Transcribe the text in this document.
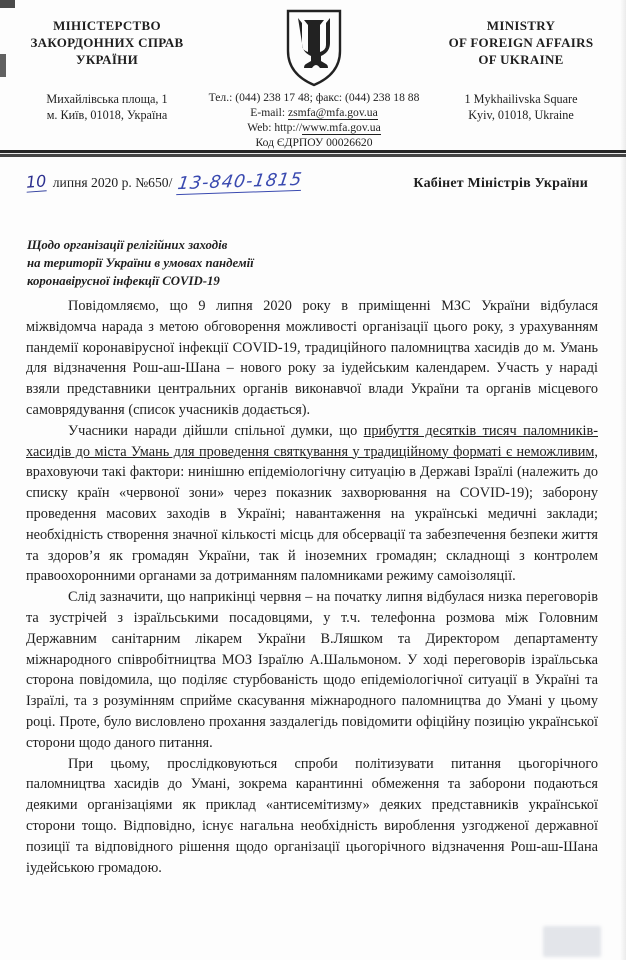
МІНІСТЕРСТВО
ЗАКОРДОННИХ СПРАВ
УКРАЇНИ
Михайлівська площа, 1
м. Київ, 01018, Україна
Тел.: (044) 238 17 48; факс: (044) 238 18 88
E-mail: zsmfa@mfa.gov.ua
Web: http://www.mfa.gov.ua
Код ЄДРПОУ 00026620
MINISTRY
OF FOREIGN AFFAIRS
OF UKRAINE
1 Mykhailivska Square
Kyiv, 01018, Ukraine
10 липня 2020 р. №650/ 13-840-1815	Кабінет Міністрів України
Щодо організації релігійних заходів
на території України в умовах пандемії
коронавірусної інфекції COVID-19

Повідомляємо, що 9 липня 2020 року в приміщенні МЗС України відбулася міжвідомча нарада з метою обговорення можливості організації цього року, з урахуванням пандемії коронавірусної інфекції COVID-19, традиційного паломництва хасидів до м. Умань для відзначення Рош-аш-Шана – нового року за іудейським календарем. Участь у нараді взяли представники центральних органів виконавчої влади України та органів місцевого самоврядування (список учасників додається).

Учасники наради дійшли спільної думки, що прибуття десятків тисяч паломників-хасидів до міста Умань для проведення святкування у традиційному форматі є неможливим, враховуючи такі фактори: нинішню епідеміологічну ситуацію в Державі Ізраїлі (належить до списку країн «червоної зони» через показник захворювання на COVID-19); заборону проведення масових заходів в Україні; навантаження на українські медичні заклади; необхідність створення значної кількості місць для обсервації та забезпечення безпеки життя та здоров’я як громадян України, так й іноземних громадян; складнощі з контролем правоохоронними органами за дотриманням паломниками режиму самоізоляції.

Слід зазначити, що наприкінці червня – на початку липня відбулася низка переговорів та зустрічей з ізраїльськими посадовцями, у т.ч. телефонна розмова між Головним Державним санітарним лікарем України В.Ляшком та Директором департаменту міжнародного співробітництва МОЗ Ізраїлю А.Шальмоном. У ході переговорів ізраїльська сторона повідомила, що поділяє стурбованість щодо епідеміологічної ситуації в Україні та Ізраїлі, та з розумінням сприйме скасування міжнародного паломництва до Умані у цьому році. Проте, було висловлено прохання заздалегідь повідомити офіційну позицію української сторони щодо даного питання.

При цьому, прослідковуються спроби політизувати питання цьогорічного паломництва хасидів до Умані, зокрема карантинні обмеження та заборони подаються деякими організаціями як приклад «антисемітизму» деяких представників української сторони тощо. Відповідно, існує нагальна необхідність вироблення узгодженої державної позиції та відповідного рішення щодо організації цьогорічного відзначення Рош-аш-Шана іудейською громадою.
